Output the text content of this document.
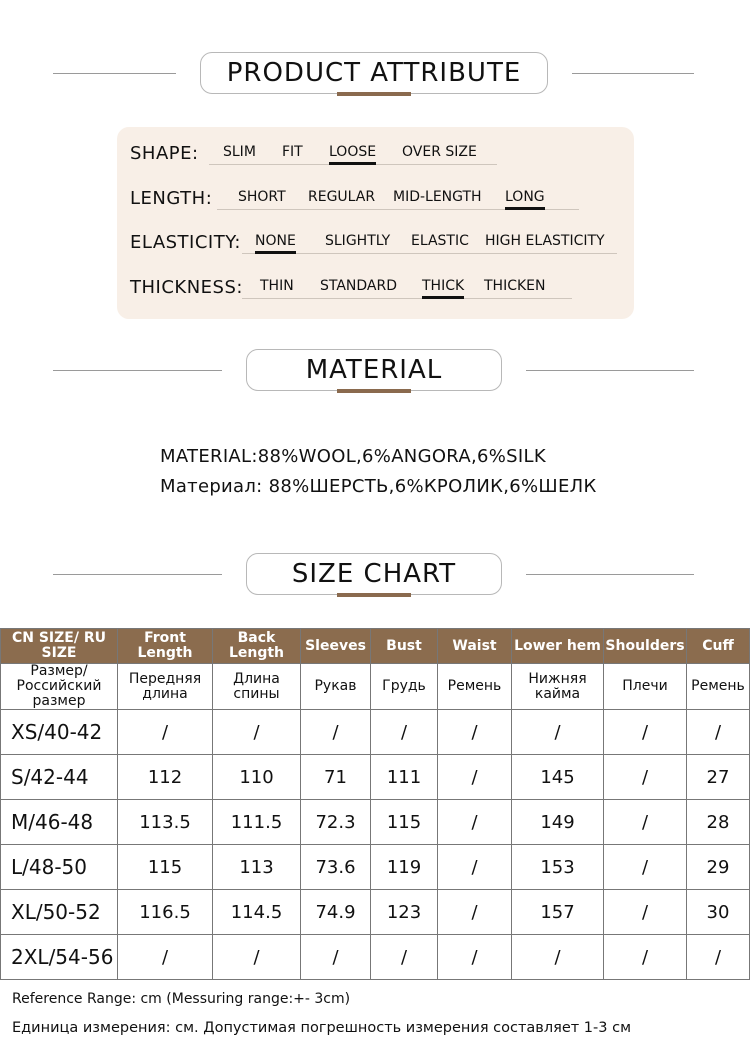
PRODUCT ATTRIBUTE
SHAPE: SLIM FIT LOOSE OVER SIZE
LENGTH: SHORT REGULAR MID-LENGTH LONG
ELASTICITY: NONE SLIGHTLY ELASTIC HIGH ELASTICITY
THICKNESS: THIN STANDARD THICK THICKEN
MATERIAL
MATERIAL:88%WOOL,6%ANGORA,6%SILK
Материал: 88%ШЕРСТЬ,6%КРОЛИК,6%ШЕЛК
SIZE CHART
CN SIZE/ RU SIZE	Front Length	Back Length	Sleeves	Bust	Waist	Lower hem	Shoulders	Cuff
Размер/ Российский размер	Передняя длина	Длина спины	Рукав	Грудь	Ремень	Нижняя кайма	Плечи	Ремень
XS/40-42	/	/	/	/	/	/	/	/
S/42-44	112	110	71	111	/	145	/	27
M/46-48	113.5	111.5	72.3	115	/	149	/	28
L/48-50	115	113	73.6	119	/	153	/	29
XL/50-52	116.5	114.5	74.9	123	/	157	/	30
2XL/54-56	/	/	/	/	/	/	/	/
Reference Range: cm (Messuring range:+- 3cm)
Единица измерения: см. Допустимая погрешность измерения составляет 1-3 см
